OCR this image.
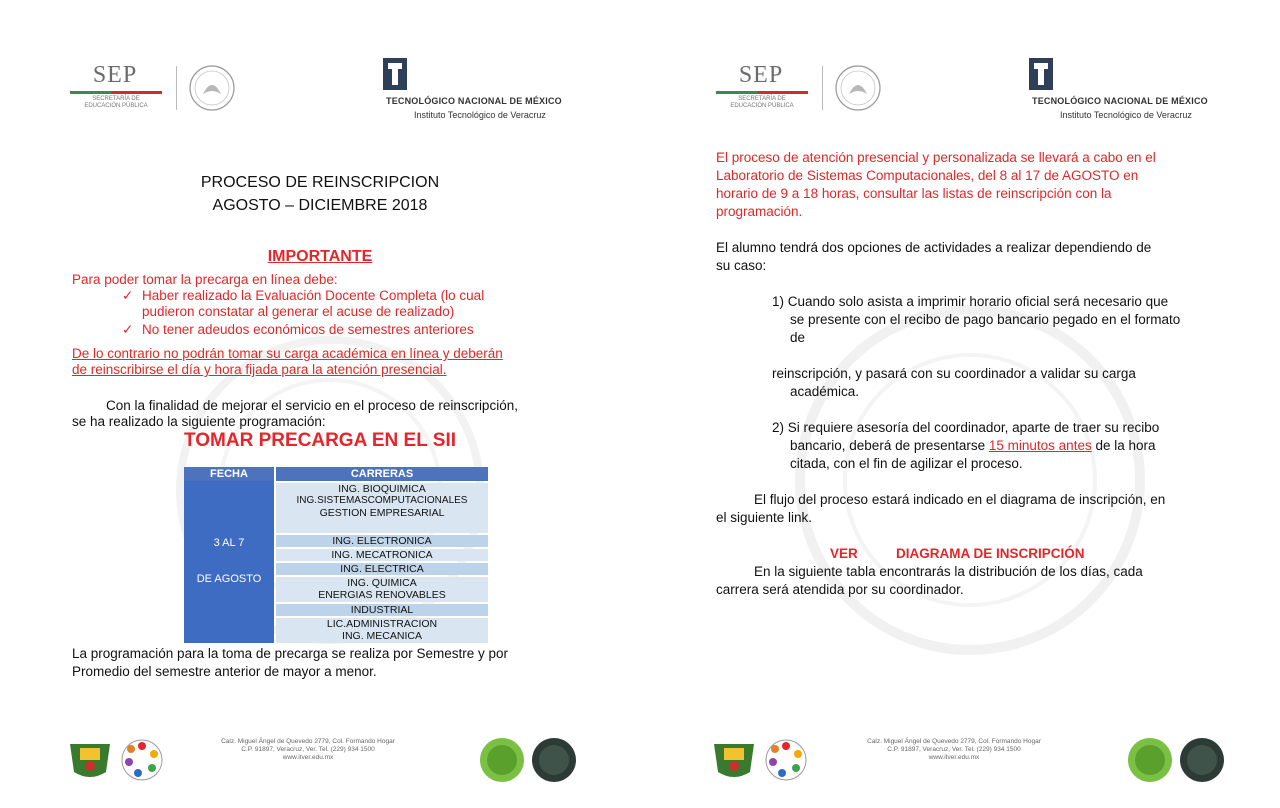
SEP
SECRETARÍA DE
EDUCACIÓN PÚBLICA
TECNOLÓGICO NACIONAL DE MÉXICO
Instituto Tecnológico de Veracruz
PROCESO DE REINSCRIPCION
AGOSTO – DICIEMBRE 2018
IMPORTANTE
Para poder tomar la precarga en línea debe:
✓ Haber realizado la Evaluación Docente Completa (lo cual
pudieron constatar al generar el acuse de realizado)
✓ No tener adeudos económicos de semestres anteriores
De lo contrario no podrán tomar su carga académica en línea y deberán
de reinscribirse el día y hora fijada para la atención presencial.
Con la finalidad de mejorar el servicio en el proceso de reinscripción,
se ha realizado la siguiente programación:
TOMAR PRECARGA EN EL SII
FECHA	CARRERAS
3 AL 7
DE AGOSTO
ING. BIOQUIMICA
ING.SISTEMASCOMPUTACIONALES
GESTION EMPRESARIAL
ING. ELECTRONICA
ING. MECATRONICA
ING. ELECTRICA
ING. QUIMICA
ENERGIAS RENOVABLES
INDUSTRIAL
LIC.ADMINISTRACION
ING. MECANICA
La programación para la toma de precarga se realiza por Semestre y por
Promedio del semestre anterior de mayor a menor.
Calz. Miguel Ángel de Quevedo 2779, Col. Formando Hogar
C.P. 91897, Veracruz, Ver. Tel. (229) 934 1500
www.itver.edu.mx
SEP
SECRETARÍA DE
EDUCACIÓN PÚBLICA
TECNOLÓGICO NACIONAL DE MÉXICO
Instituto Tecnológico de Veracruz
El proceso de atención presencial y personalizada se llevará a cabo en el
Laboratorio de Sistemas Computacionales, del 8 al 17 de AGOSTO en
horario de 9 a 18 horas, consultar las listas de reinscripción con la
programación.
El alumno tendrá dos opciones de actividades a realizar dependiendo de
su caso:
1) Cuando solo asista a imprimir horario oficial será necesario que
se presente con el recibo de pago bancario pegado en el formato
de
reinscripción, y pasará con su coordinador a validar su carga
académica.
2) Si requiere asesoría del coordinador, aparte de traer su recibo
bancario, deberá de presentarse 15 minutos antes de la hora
citada, con el fin de agilizar el proceso.
El flujo del proceso estará indicado en el diagrama de inscripción, en
el siguiente link.
VER	DIAGRAMA DE INSCRIPCIÓN
En la siguiente tabla encontrarás la distribución de los días, cada
carrera será atendida por su coordinador.
Calz. Miguel Ángel de Quevedo 2779, Col. Formando Hogar
C.P. 91897, Veracruz, Ver. Tel. (229) 934 1500
www.itver.edu.mx
